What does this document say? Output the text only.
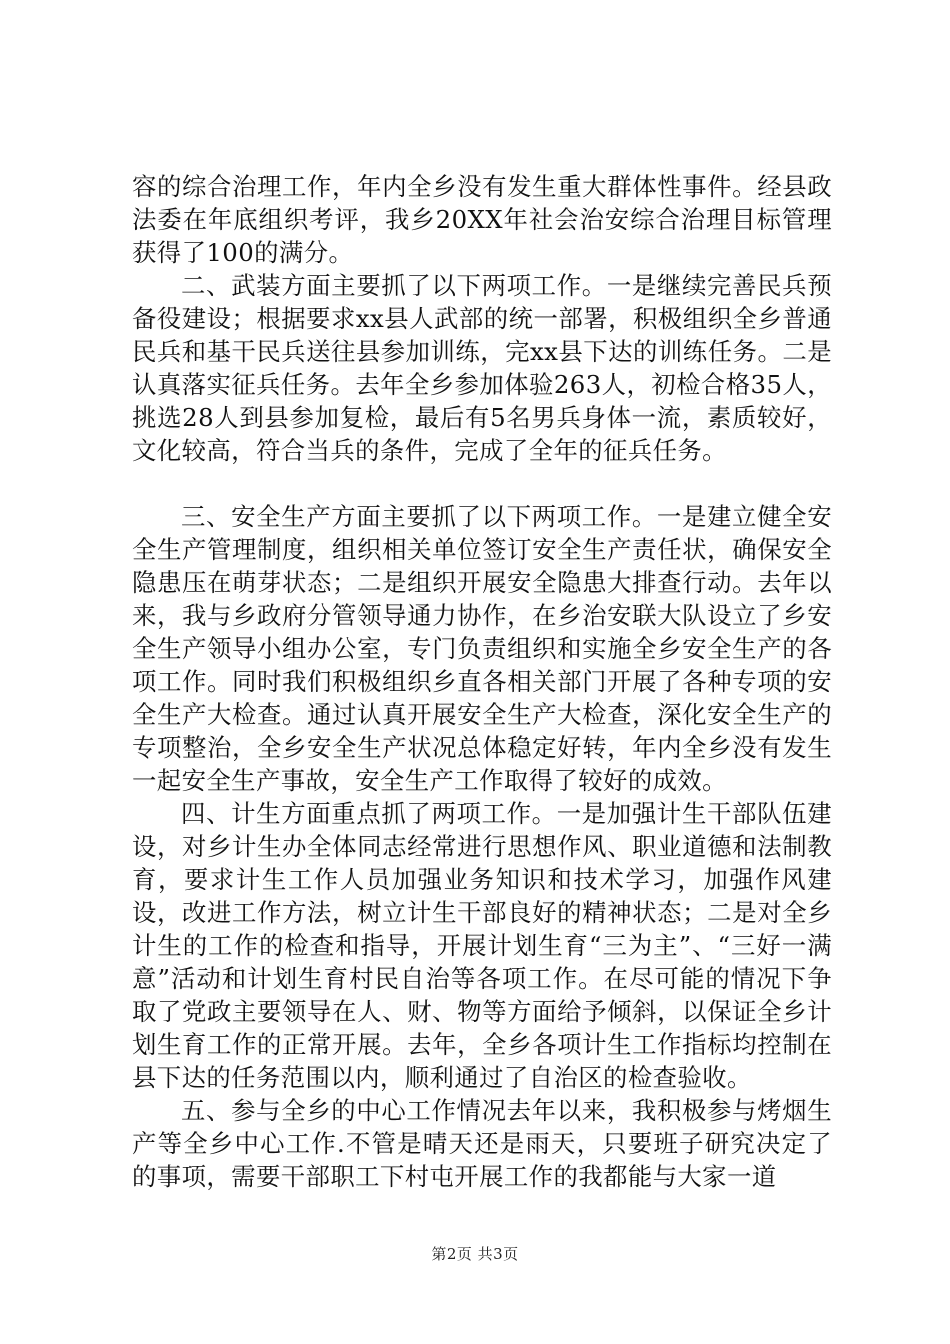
容的综合治理工作，年内全乡没有发生重大群体性事件。经县政法委在年底组织考评，我乡20XX年社会治安综合治理目标管理获得了100的满分。

二、武装方面主要抓了以下两项工作。一是继续完善民兵预备役建设；根据要求xx县人武部的统一部署，积极组织全乡普通民兵和基干民兵送往县参加训练，完xx县下达的训练任务。二是认真落实征兵任务。去年全乡参加体验263人，初检合格35人，挑选28人到县参加复检，最后有5名男兵身体一流，素质较好，文化较高，符合当兵的条件，完成了全年的征兵任务。

三、安全生产方面主要抓了以下两项工作。一是建立健全安全生产管理制度，组织相关单位签订安全生产责任状，确保安全隐患压在萌芽状态；二是组织开展安全隐患大排查行动。去年以来，我与乡政府分管领导通力协作，在乡治安联大队设立了乡安全生产领导小组办公室，专门负责组织和实施全乡安全生产的各项工作。同时我们积极组织乡直各相关部门开展了各种专项的安全生产大检查。通过认真开展安全生产大检查，深化安全生产的专项整治，全乡安全生产状况总体稳定好转，年内全乡没有发生一起安全生产事故，安全生产工作取得了较好的成效。

四、计生方面重点抓了两项工作。一是加强计生干部队伍建设，对乡计生办全体同志经常进行思想作风、职业道德和法制教育，要求计生工作人员加强业务知识和技术学习，加强作风建设，改进工作方法，树立计生干部良好的精神状态；二是对全乡计生的工作的检查和指导，开展计划生育“三为主”、“三好一满意”活动和计划生育村民自治等各项工作。在尽可能的情况下争取了党政主要领导在人、财、物等方面给予倾斜，以保证全乡计划生育工作的正常开展。去年，全乡各项计生工作指标均控制在县下达的任务范围以内，顺利通过了自治区的检查验收。

五、参与全乡的中心工作情况去年以来，我积极参与烤烟生产等全乡中心工作.不管是晴天还是雨天，只要班子研究决定了的事项，需要干部职工下村屯开展工作的我都能与大家一道

第2页 共3页
